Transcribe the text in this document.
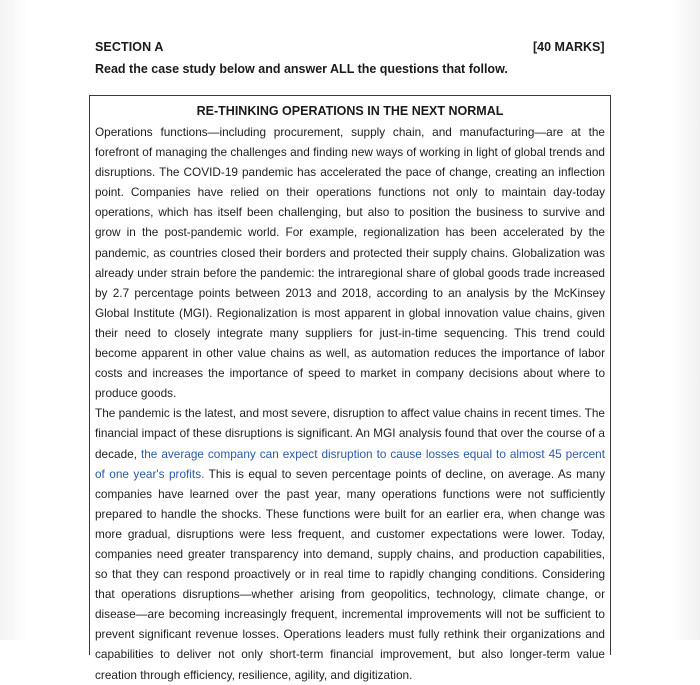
SECTION A	[40 MARKS]
Read the case study below and answer ALL the questions that follow.
RE-THINKING OPERATIONS IN THE NEXT NORMAL

Operations functions—including procurement, supply chain, and manufacturing—are at the forefront of managing the challenges and finding new ways of working in light of global trends and disruptions. The COVID-19 pandemic has accelerated the pace of change, creating an inflection point. Companies have relied on their operations functions not only to maintain day-today operations, which has itself been challenging, but also to position the business to survive and grow in the post-pandemic world. For example, regionalization has been accelerated by the pandemic, as countries closed their borders and protected their supply chains. Globalization was already under strain before the pandemic: the intraregional share of global goods trade increased by 2.7 percentage points between 2013 and 2018, according to an analysis by the McKinsey Global Institute (MGI). Regionalization is most apparent in global innovation value chains, given their need to closely integrate many suppliers for just-in-time sequencing. This trend could become apparent in other value chains as well, as automation reduces the importance of labor costs and increases the importance of speed to market in company decisions about where to produce goods.

The pandemic is the latest, and most severe, disruption to affect value chains in recent times. The financial impact of these disruptions is significant. An MGI analysis found that over the course of a decade, the average company can expect disruption to cause losses equal to almost 45 percent of one year's profits. This is equal to seven percentage points of decline, on average. As many companies have learned over the past year, many operations functions were not sufficiently prepared to handle the shocks. These functions were built for an earlier era, when change was more gradual, disruptions were less frequent, and customer expectations were lower. Today, companies need greater transparency into demand, supply chains, and production capabilities, so that they can respond proactively or in real time to rapidly changing conditions. Considering that operations disruptions—whether arising from geopolitics, technology, climate change, or disease—are becoming increasingly frequent, incremental improvements will not be sufficient to prevent significant revenue losses. Operations leaders must fully rethink their organizations and capabilities to deliver not only short-term financial improvement, but also longer-term value creation through efficiency, resilience, agility, and digitization.
